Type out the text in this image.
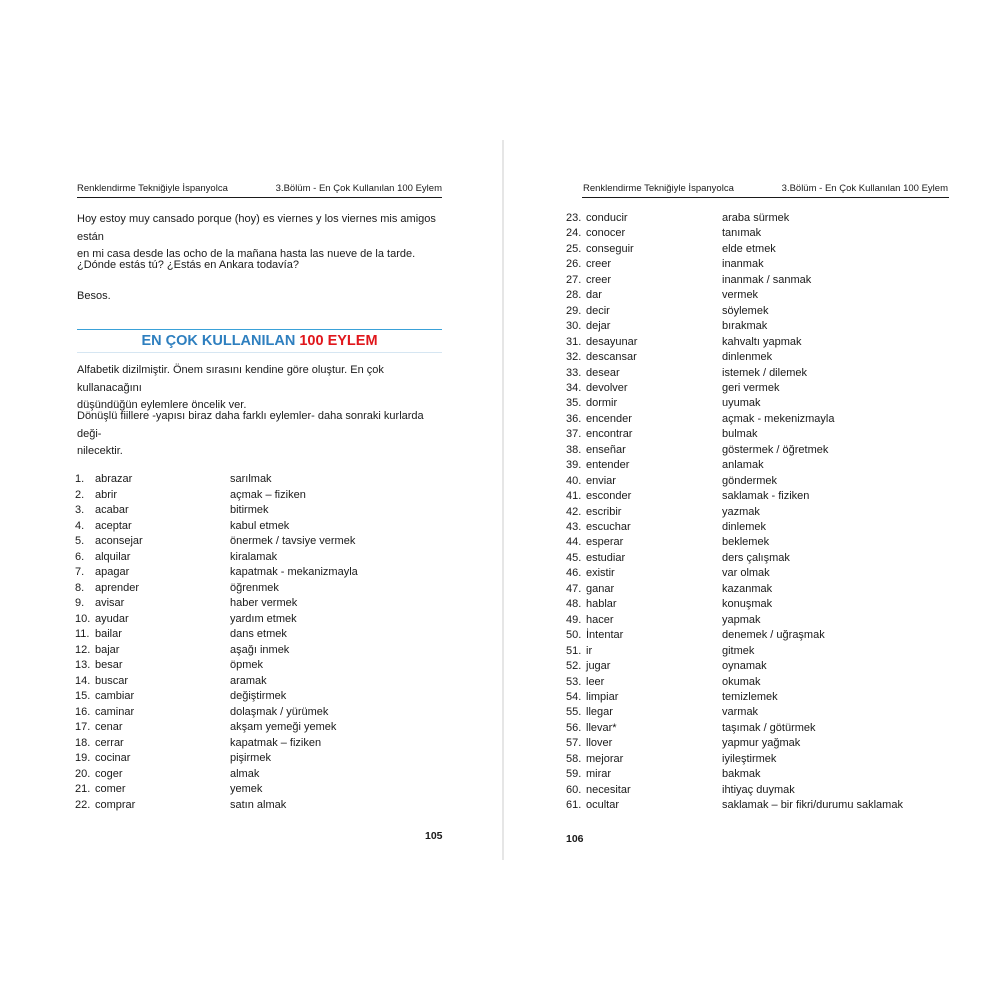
Renklendirme Tekniğiyle İspanyolca	3.Bölüm - En Çok Kullanılan 100 Eylem

Hoy estoy muy cansado porque (hoy) es viernes y los viernes mis amigos están
en mi casa desde las ocho de la mañana hasta las nueve de la tarde.

¿Dónde estás tú? ¿Estás en Ankara todavía?

Besos.

EN ÇOK KULLANILAN 100 EYLEM

Alfabetik dizilmiştir. Önem sırasını kendine göre oluştur. En çok kullanacağını
düşündüğün eylemlere öncelik ver.

Dönüşlü fiillere -yapısı biraz daha farklı eylemler- daha sonraki kurlarda deği-
nilecektir.

1. abrazar	sarılmak
2. abrir	açmak – fiziken
3. acabar	bitirmek
4. aceptar	kabul etmek
5. aconsejar	önermek / tavsiye vermek
6. alquilar	kiralamak
7. apagar	kapatmak - mekanizmayla
8. aprender	öğrenmek
9. avisar	haber vermek
10. ayudar	yardım etmek
11. bailar	dans etmek
12. bajar	aşağı inmek
13. besar	öpmek
14. buscar	aramak
15. cambiar	değiştirmek
16. caminar	dolaşmak / yürümek
17. cenar	akşam yemeği yemek
18. cerrar	kapatmak – fiziken
19. cocinar	pişirmek
20. coger	almak
21. comer	yemek
22. comprar	satın almak
105
Renklendirme Tekniğiyle İspanyolca	3.Bölüm - En Çok Kullanılan 100 Eylem
23. conducir	araba sürmek
24. conocer	tanımak
25. conseguir	elde etmek
26. creer	inanmak
27. creer	inanmak / sanmak
28. dar	vermek
29. decir	söylemek
30. dejar	bırakmak
31. desayunar	kahvaltı yapmak
32. descansar	dinlenmek
33. desear	istemek / dilemek
34. devolver	geri vermek
35. dormir	uyumak
36. encender	açmak - mekenizmayla
37. encontrar	bulmak
38. enseñar	göstermek / öğretmek
39. entender	anlamak
40. enviar	göndermek
41. esconder	saklamak - fiziken
42. escribir	yazmak
43. escuchar	dinlemek
44. esperar	beklemek
45. estudiar	ders çalışmak
46. existir	var olmak
47. ganar	kazanmak
48. hablar	konuşmak
49. hacer	yapmak
50. İntentar	denemek / uğraşmak
51. ir	gitmek
52. jugar	oynamak
53. leer	okumak
54. limpiar	temizlemek
55. llegar	varmak
56. llevar*	taşımak / götürmek
57. llover	yapmur yağmak
58. mejorar	iyileştirmek
59. mirar	bakmak
60. necesitar	ihtiyaç duymak
61. ocultar	saklamak – bir fikri/durumu saklamak
106
